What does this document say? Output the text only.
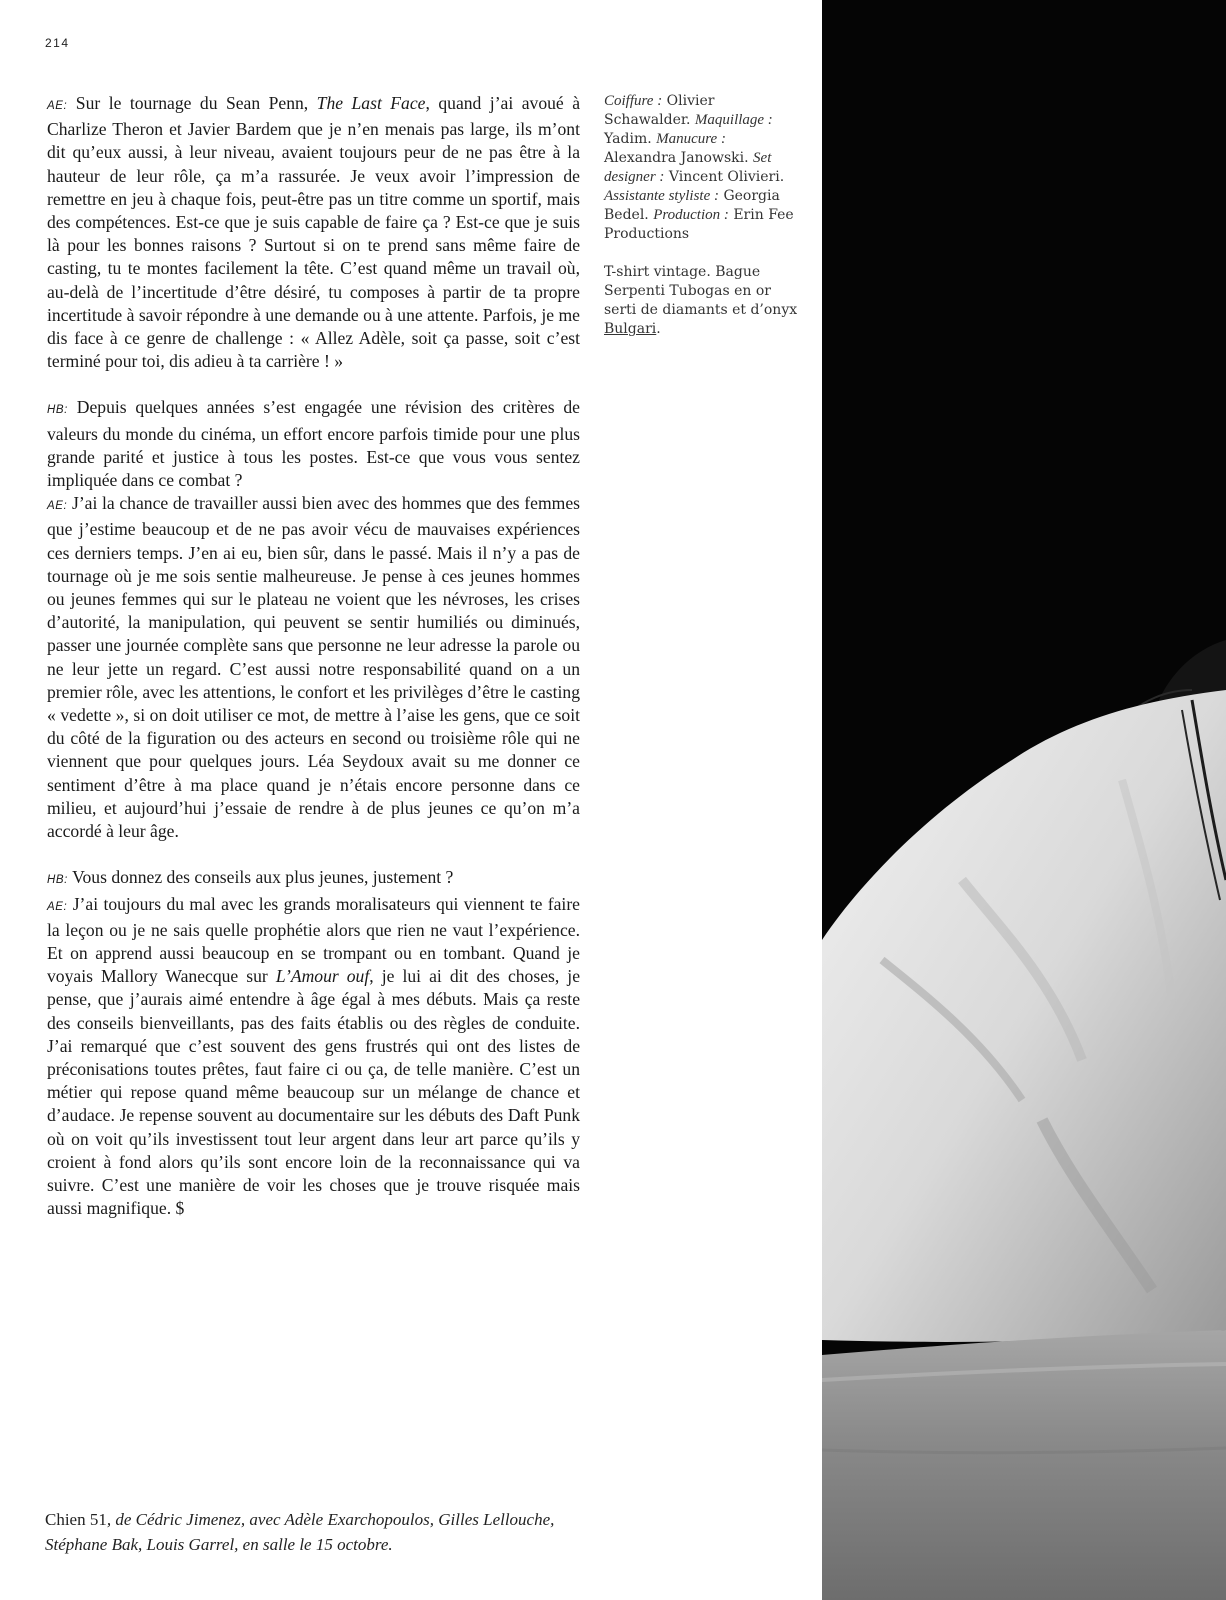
214

AE: Sur le tournage du Sean Penn, The Last Face, quand j’ai avoué à Charlize Theron et Javier Bardem que je n’en menais pas large, ils m’ont dit qu’eux aussi, à leur niveau, avaient toujours peur de ne pas être à la hauteur de leur rôle, ça m’a rassurée. Je veux avoir l’impression de remettre en jeu à chaque fois, peut-être pas un titre comme un sportif, mais des compétences. Est-ce que je suis capable de faire ça ? Est-ce que je suis là pour les bonnes raisons ? Surtout si on te prend sans même faire de casting, tu te montes facilement la tête. C’est quand même un travail où, au-delà de l’incertitude d’être désiré, tu composes à partir de ta propre incertitude à savoir répondre à une demande ou à une attente. Parfois, je me dis face à ce genre de challenge : « Allez Adèle, soit ça passe, soit c’est terminé pour toi, dis adieu à ta carrière ! »

HB: Depuis quelques années s’est engagée une révision des critères de valeurs du monde du cinéma, un effort encore parfois timide pour une plus grande parité et justice à tous les postes. Est-ce que vous vous sentez impliquée dans ce combat ?

AE: J’ai la chance de travailler aussi bien avec des hommes que des femmes que j’estime beaucoup et de ne pas avoir vécu de mauvaises expériences ces derniers temps. J’en ai eu, bien sûr, dans le passé. Mais il n’y a pas de tournage où je me sois sentie malheureuse. Je pense à ces jeunes hommes ou jeunes femmes qui sur le plateau ne voient que les névroses, les crises d’autorité, la manipulation, qui peuvent se sentir humiliés ou diminués, passer une journée complète sans que personne ne leur adresse la parole ou ne leur jette un regard. C’est aussi notre responsabilité quand on a un premier rôle, avec les attentions, le confort et les privilèges d’être le casting « vedette », si on doit utiliser ce mot, de mettre à l’aise les gens, que ce soit du côté de la figuration ou des acteurs en second ou troisième rôle qui ne viennent que pour quelques jours. Léa Seydoux avait su me donner ce sentiment d’être à ma place quand je n’étais encore personne dans ce milieu, et aujourd’hui j’essaie de rendre à de plus jeunes ce qu’on m’a accordé à leur âge.

HB: Vous donnez des conseils aux plus jeunes, justement ?

AE: J’ai toujours du mal avec les grands moralisateurs qui viennent te faire la leçon ou je ne sais quelle prophétie alors que rien ne vaut l’expérience. Et on apprend aussi beaucoup en se trompant ou en tombant. Quand je voyais Mallory Wanecque sur L’Amour ouf, je lui ai dit des choses, je pense, que j’aurais aimé entendre à âge égal à mes débuts. Mais ça reste des conseils bienveillants, pas des faits établis ou des règles de conduite. J’ai remarqué que c’est souvent des gens frustrés qui ont des listes de préconisations toutes prêtes, faut faire ci ou ça, de telle manière. C’est un métier qui repose quand même beaucoup sur un mélange de chance et d’audace. Je repense souvent au documentaire sur les débuts des Daft Punk où on voit qu’ils investissent tout leur argent dans leur art parce qu’ils y croient à fond alors qu’ils sont encore loin de la reconnaissance qui va suivre. C’est une manière de voir les choses que je trouve risquée mais aussi magnifique. $

Coiffure : Olivier Schawalder. Maquillage : Yadim. Manucure : Alexandra Janowski. Set designer : Vincent Olivieri. Assistante styliste : Georgia Bedel. Production : Erin Fee Productions

T-shirt vintage. Bague Serpenti Tubogas en or serti de diamants et d’onyx Bulgari.

Chien 51, de Cédric Jimenez, avec Adèle Exarchopoulos, Gilles Lellouche, Stéphane Bak, Louis Garrel, en salle le 15 octobre.
